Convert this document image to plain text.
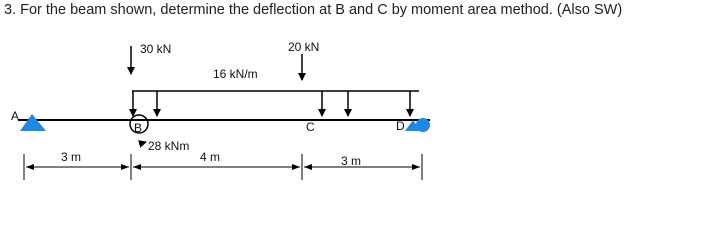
3. For the beam shown, determine the deflection at B and C by moment area method. (Also SW)
A
D
B
28 kNm
C
30 kN	20 kN
16 kN/m
3 m	4 m	3 m
